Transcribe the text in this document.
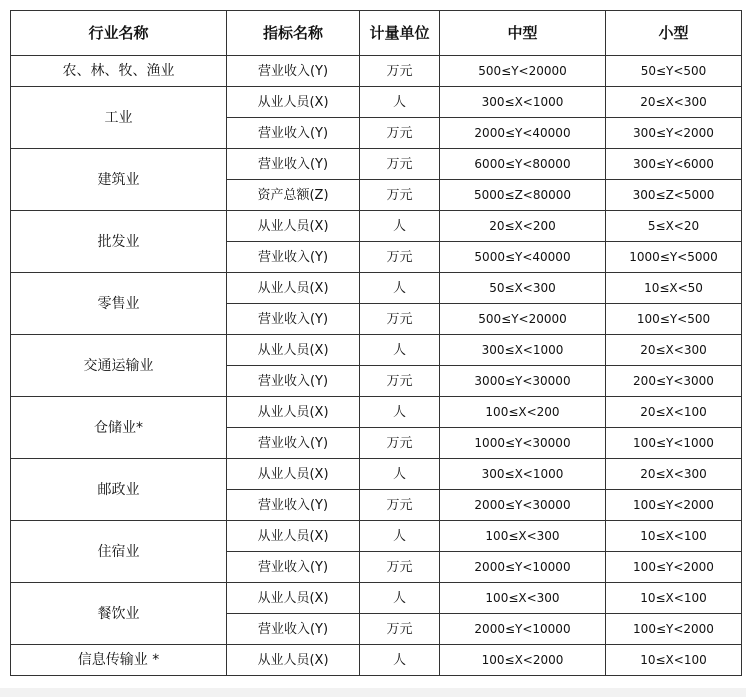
行业名称	指标名称	计量单位	中型	小型
农、林、牧、渔业	营业收入(Y)	万元	500≤Y<20000	50≤Y<500
工业	从业人员(X)	人	300≤X<1000	20≤X<300
	营业收入(Y)	万元	2000≤Y<40000	300≤Y<2000
建筑业	营业收入(Y)	万元	6000≤Y<80000	300≤Y<6000
	资产总额(Z)	万元	5000≤Z<80000	300≤Z<5000
批发业	从业人员(X)	人	20≤X<200	5≤X<20
	营业收入(Y)	万元	5000≤Y<40000	1000≤Y<5000
零售业	从业人员(X)	人	50≤X<300	10≤X<50
	营业收入(Y)	万元	500≤Y<20000	100≤Y<500
交通运输业	从业人员(X)	人	300≤X<1000	20≤X<300
	营业收入(Y)	万元	3000≤Y<30000	200≤Y<3000
仓储业*	从业人员(X)	人	100≤X<200	20≤X<100
	营业收入(Y)	万元	1000≤Y<30000	100≤Y<1000
邮政业	从业人员(X)	人	300≤X<1000	20≤X<300
	营业收入(Y)	万元	2000≤Y<30000	100≤Y<2000
住宿业	从业人员(X)	人	100≤X<300	10≤X<100
	营业收入(Y)	万元	2000≤Y<10000	100≤Y<2000
餐饮业	从业人员(X)	人	100≤X<300	10≤X<100
	营业收入(Y)	万元	2000≤Y<10000	100≤Y<2000
信息传输业 *	从业人员(X)	人	100≤X<2000	10≤X<100
